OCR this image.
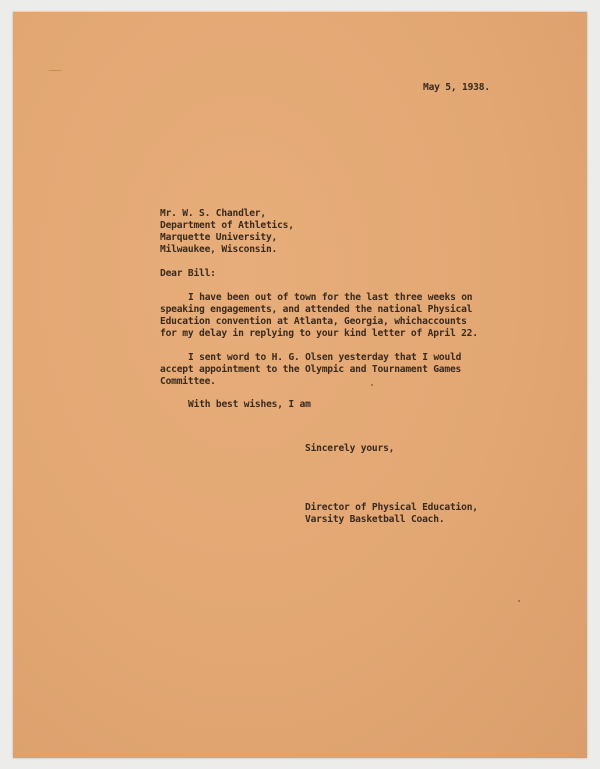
May 5, 1938.
Mr. W. S. Chandler,
Department of Athletics,
Marquette University,
Milwaukee, Wisconsin.
Dear Bill:
I have been out of town for the last three weeks on
speaking engagements, and attended the national Physical
Education convention at Atlanta, Georgia, whichaccounts
for my delay in replying to your kind letter of April 22.
I sent word to H. G. Olsen yesterday that I would
accept appointment to the Olympic and Tournament Games
Committee.
With best wishes, I am
Sincerely yours,
Director of Physical Education,
Varsity Basketball Coach.
